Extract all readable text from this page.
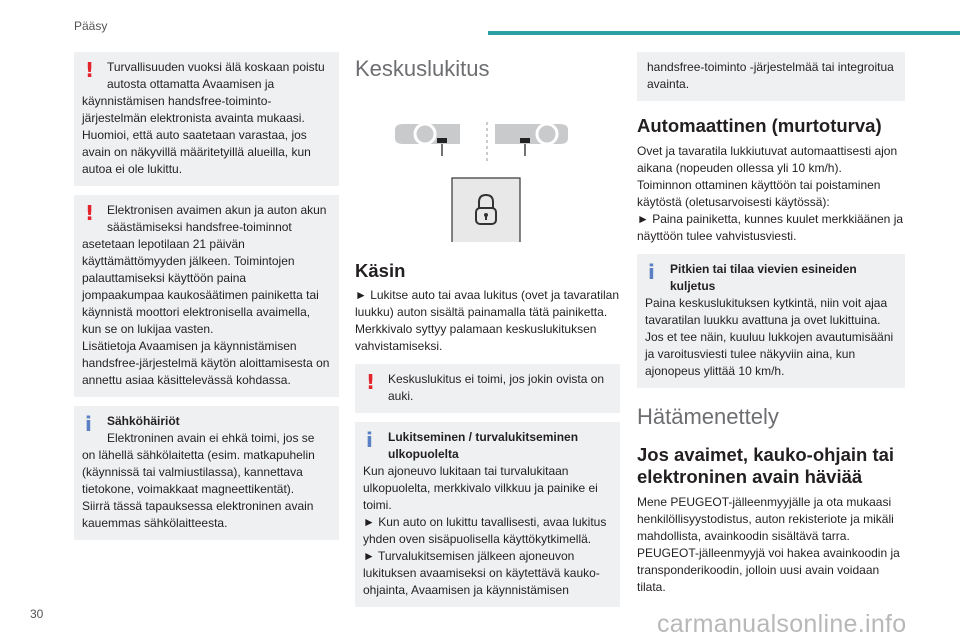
Pääsy
!	Turvallisuuden vuoksi älä koskaan poistu autosta ottamatta Avaamisen ja

käynnistämisen handsfree-toiminto-järjestelmän elektronista avainta mukaasi. Huomioi, että auto saatetaan varastaa, jos avain on näkyvillä määritetyillä alueilla, kun autoa ei ole lukittu.

!	Elektronisen avaimen akun ja auton akun säästämiseksi handsfree-toiminnot

asetetaan lepotilaan 21 päivän käyttämättömyyden jälkeen. Toimintojen palauttamiseksi käyttöön paina jompaakumpaa kaukosäätimen painiketta tai käynnistä moottori elektronisella avaimella, kun se on lukijaa vasten.

Lisätietoja Avaamisen ja käynnistämisen handsfree-järjestelmä käytön aloittamisesta on annettu asiaa käsittelevässä kohdassa.

i	Sähköhäiriöt

Elektroninen avain ei ehkä toimi, jos se

on lähellä sähkölaitetta (esim. matkapuhelin (käynnissä tai valmiustilassa), kannettava tietokone, voimakkaat magneettikentät).

Siirrä tässä tapauksessa elektroninen avain kauemmas sähkölaitteesta.

Keskuslukitus
Käsin

► Lukitse auto tai avaa lukitus (ovet ja tavaratilan luukku) auton sisältä painamalla tätä painiketta.

Merkkivalo syttyy palamaan keskuslukituksen vahvistamiseksi.

!	Keskuslukitus ei toimi, jos jokin ovista on

auki.

i	Lukitseminen / turvalukitseminen

ulkopuolelta

Kun ajoneuvo lukitaan tai turvalukitaan ulkopuolelta, merkkivalo vilkkuu ja painike ei toimi.

► Kun auto on lukittu tavallisesti, avaa lukitus yhden oven sisäpuolisella käyttökytkimellä.

► Turvalukitsemisen jälkeen ajoneuvon lukituksen avaamiseksi on käytettävä kauko-ohjainta, Avaamisen ja käynnistämisen

handsfree-toiminto -järjestelmää tai integroitua avainta.

Automaattinen (murtoturva)

Ovet ja tavaratila lukkiutuvat automaattisesti ajon aikana (nopeuden ollessa yli 10 km/h).

Toiminnon ottaminen käyttöön tai poistaminen käytöstä (oletusarvoisesti käytössä):

► Paina painiketta, kunnes kuulet merkkiäänen ja näyttöön tulee vahvistusviesti.

i	Pitkien tai tilaa vievien esineiden

kuljetus

Paina keskuslukituksen kytkintä, niin voit ajaa tavaratilan luukku avattuna ja ovet lukittuina. Jos et tee näin, kuuluu lukkojen avautumisääni ja varoitusviesti tulee näkyviin aina, kun ajonopeus ylittää 10 km/h.

Hätämenettely
Jos avaimet, kauko-ohjain tai elektroninen avain häviää

Mene PEUGEOT-jälleenmyyjälle ja ota mukaasi henkilöllisyystodistus, auton rekisteriote ja mikäli mahdollista, avainkoodin sisältävä tarra.

PEUGEOT-jälleenmyyjä voi hakea avainkoodin ja transponderikoodin, jolloin uusi avain voidaan tilata.

30	carmanualsonline.info
